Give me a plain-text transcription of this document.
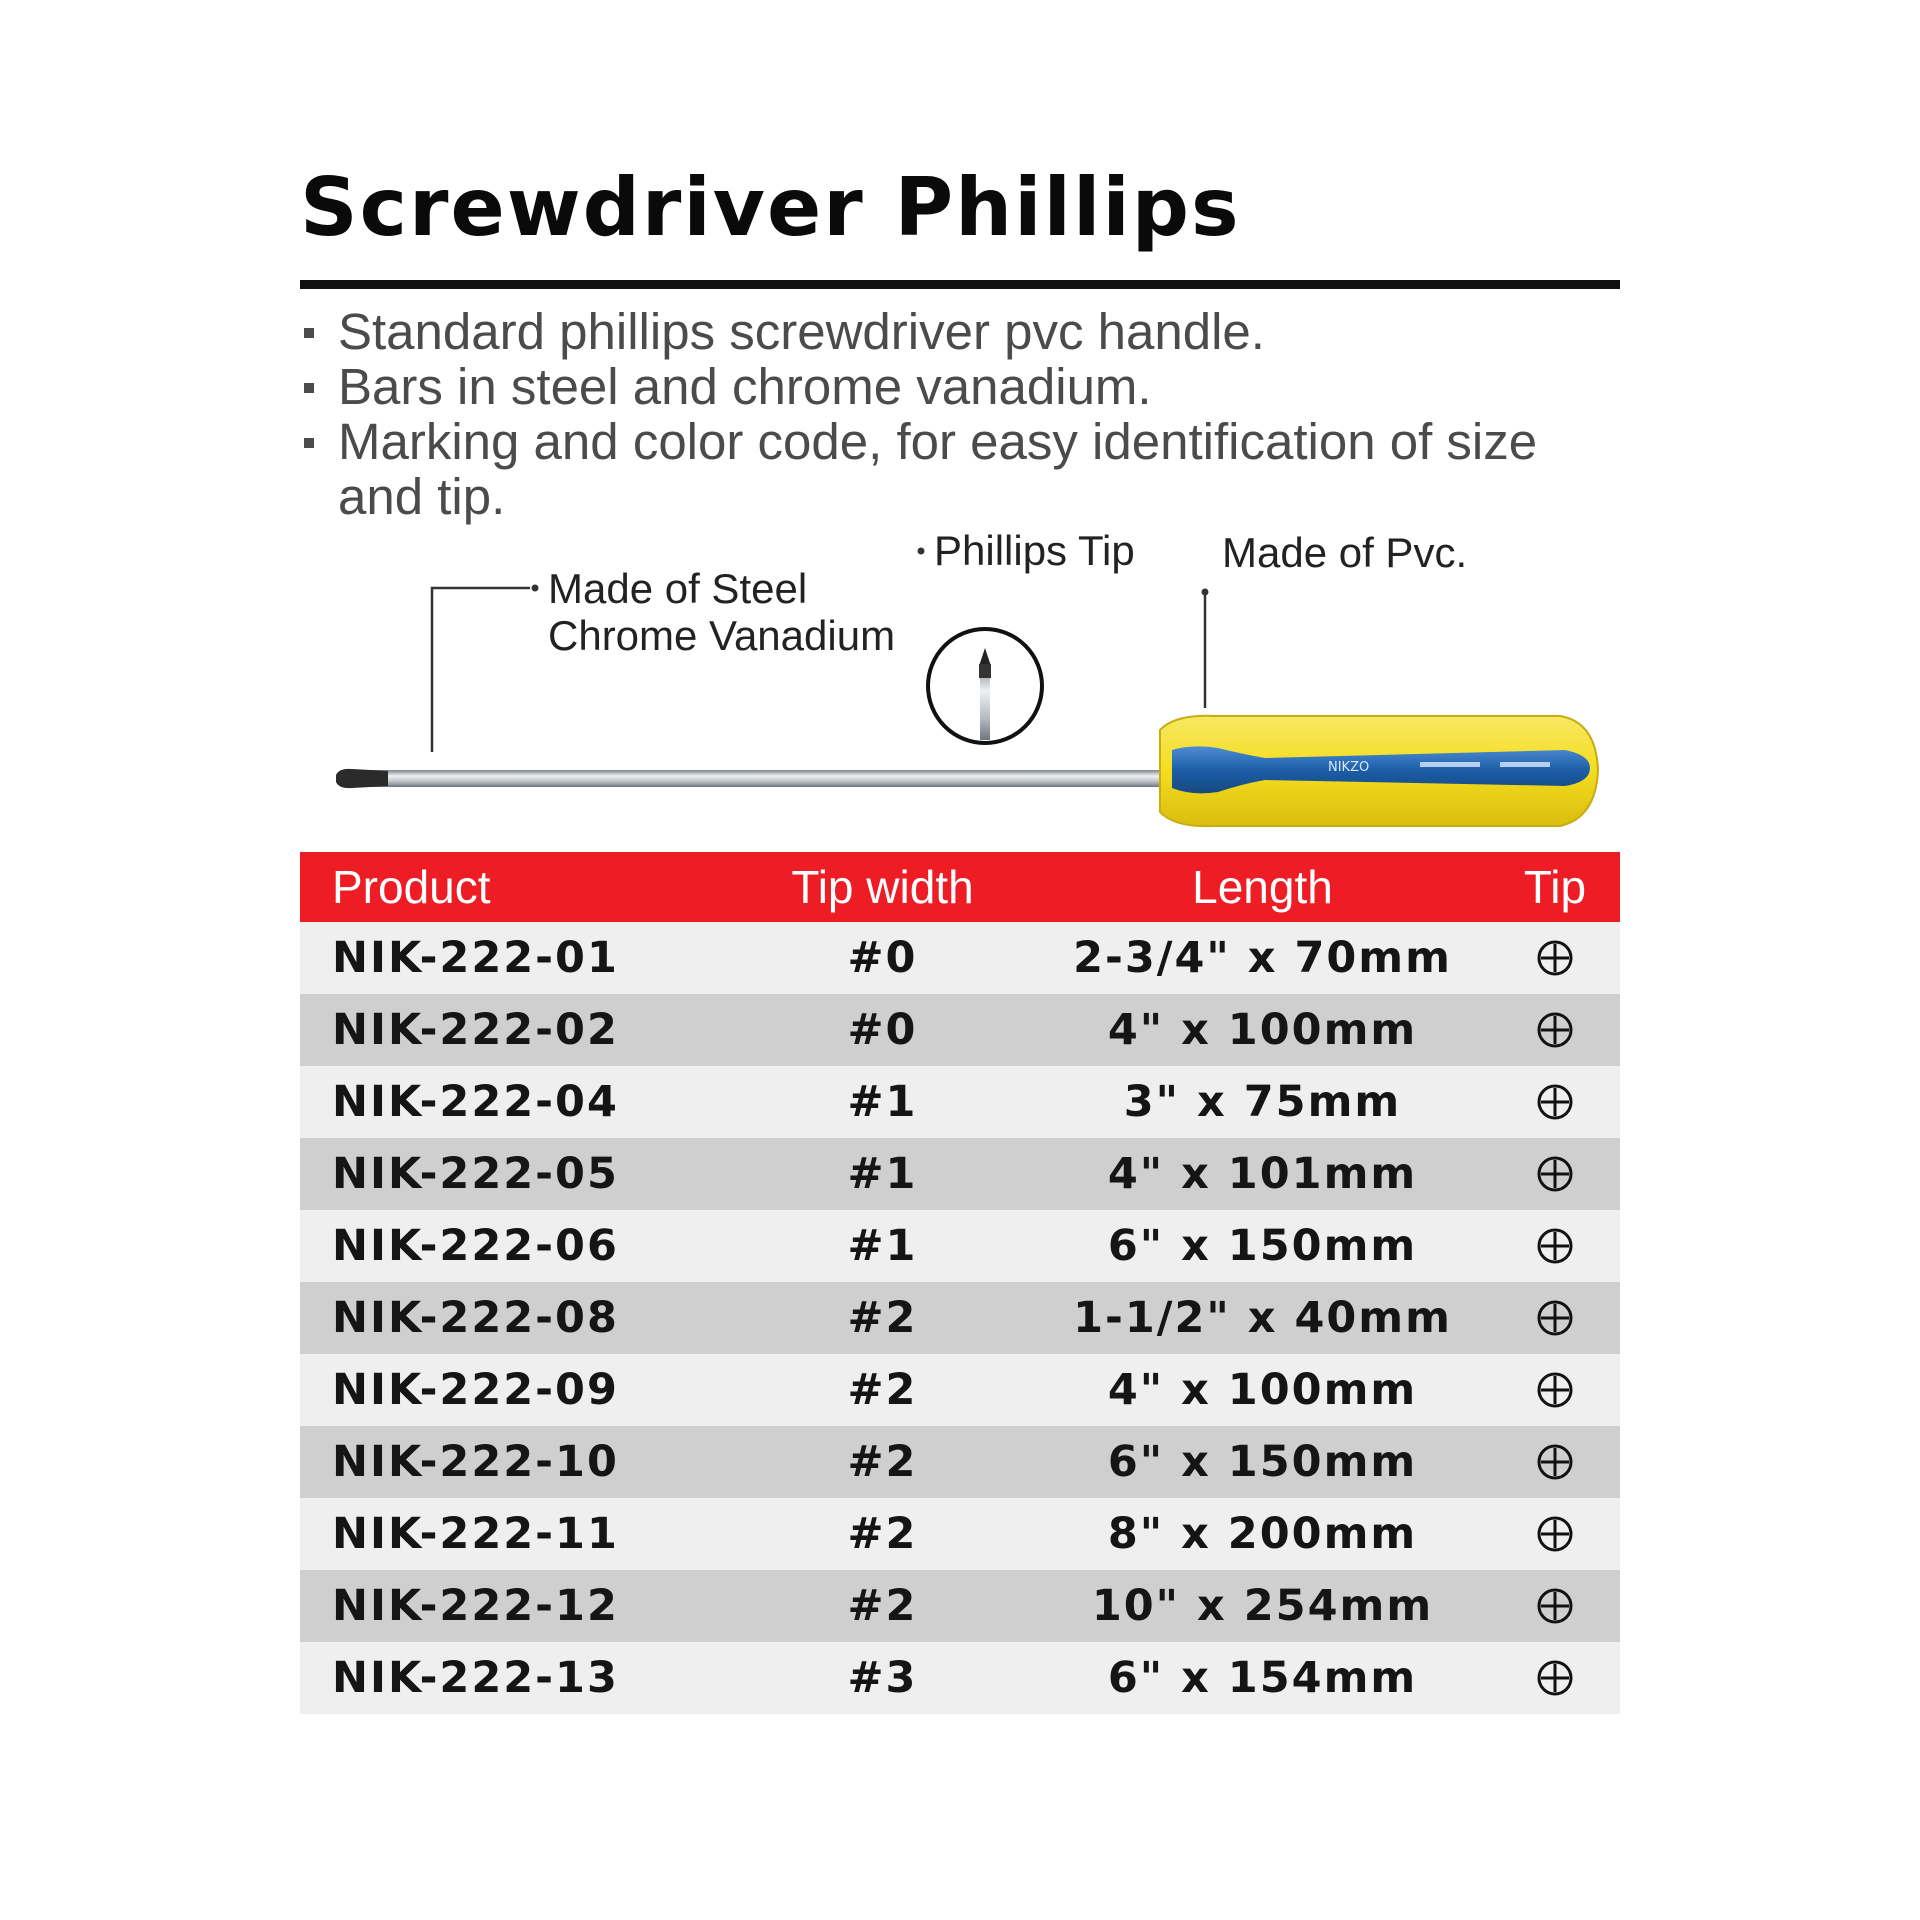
Screwdriver Phillips
Standard phillips screwdriver pvc handle.
Bars in steel and chrome vanadium.
Marking and color code, for easy identification of size and tip.
Made of Steel
Chrome Vanadium
Phillips Tip Made of Pvc.
NIKZO
Product	Tip width	Length	Tip
NIK-222-01	#0	2-3/4" x 70mm
NIK-222-02	#0	4" x 100mm
NIK-222-04	#1	3" x 75mm
NIK-222-05	#1	4" x 101mm
NIK-222-06	#1	6" x 150mm
NIK-222-08	#2	1-1/2" x 40mm
NIK-222-09	#2	4" x 100mm
NIK-222-10	#2	6" x 150mm
NIK-222-11	#2	8" x 200mm
NIK-222-12	#2	10" x 254mm
NIK-222-13	#3	6" x 154mm
